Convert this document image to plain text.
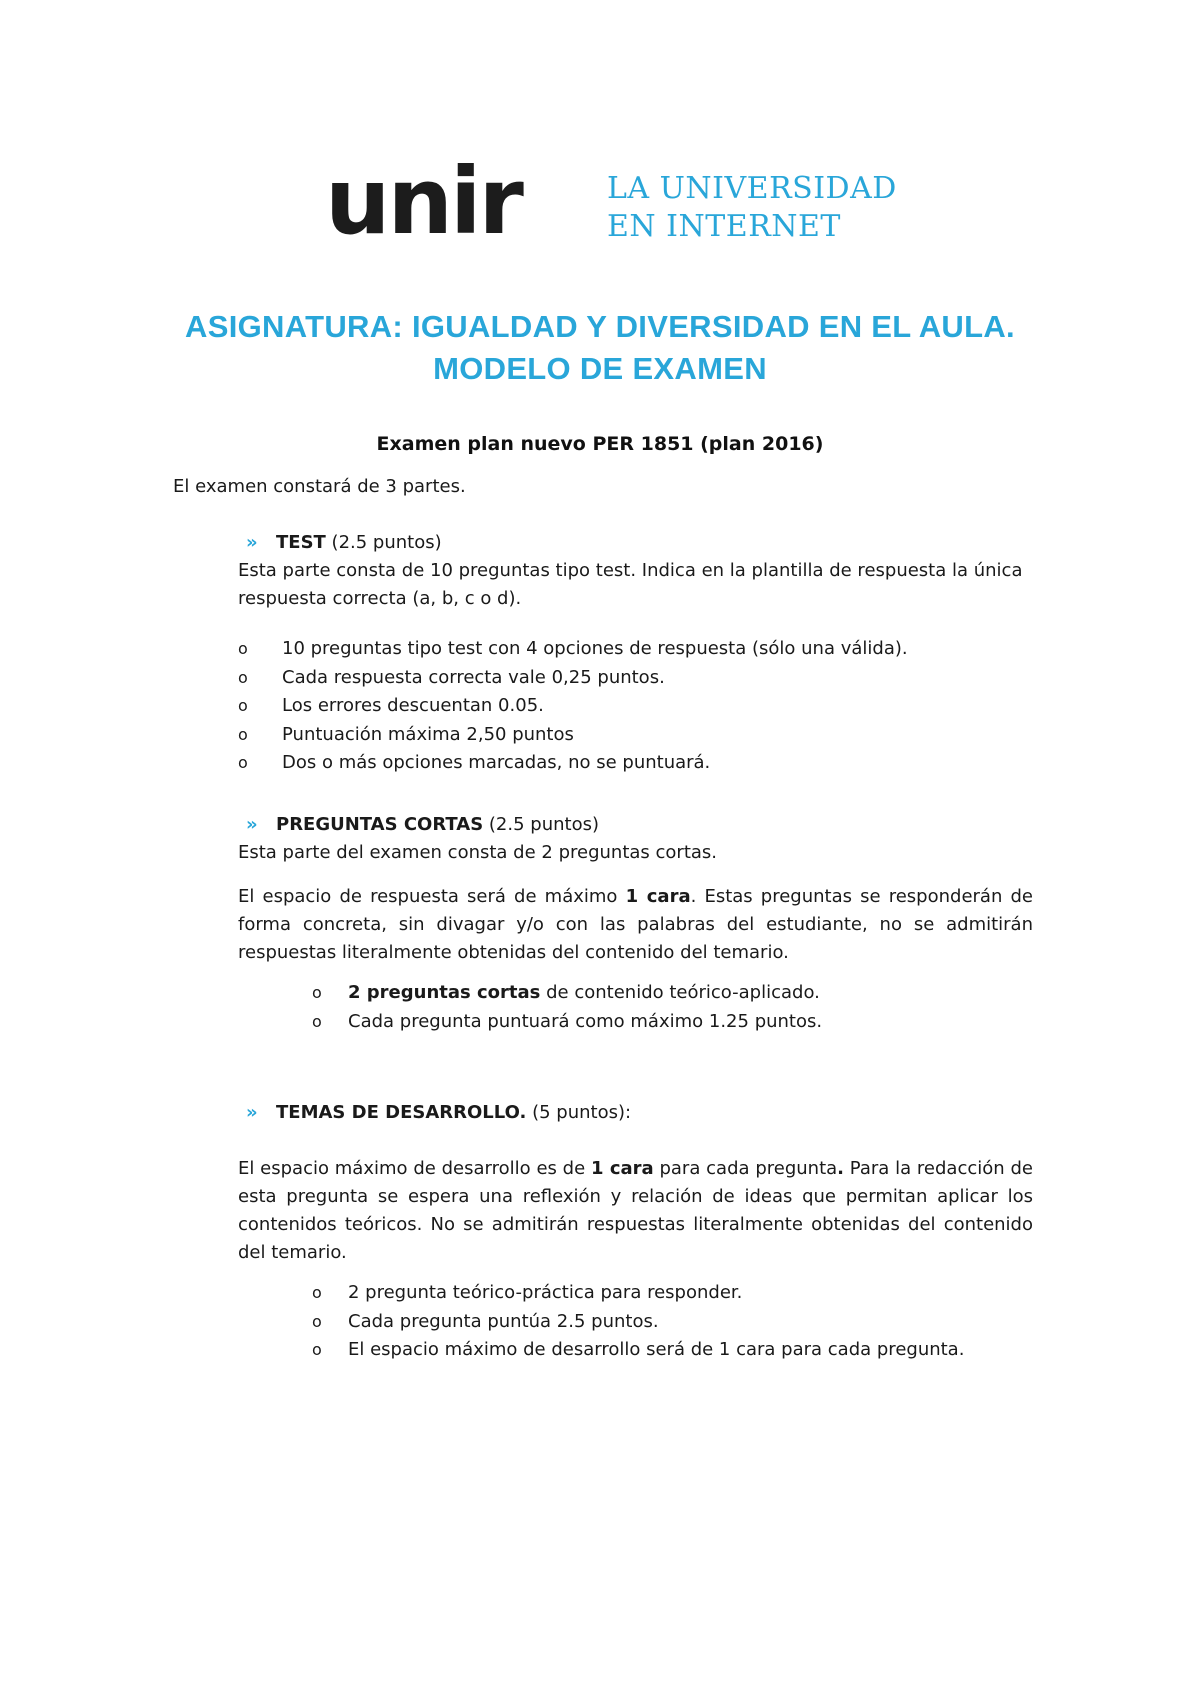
unir	LA UNIVERSIDAD
EN INTERNET
ASIGNATURA: IGUALDAD Y DIVERSIDAD EN EL AULA.
MODELO DE EXAMEN
Examen plan nuevo PER 1851 (plan 2016)
El examen constará de 3 partes.
» TEST (2.5 puntos)

Esta parte consta de 10 preguntas tipo test. Indica en la plantilla de respuesta la única respuesta correcta (a, b, c o d).

o 10 preguntas tipo test con 4 opciones de respuesta (sólo una válida).
o Cada respuesta correcta vale 0,25 puntos.
o Los errores descuentan 0.05.
o Puntuación máxima 2,50 puntos
o Dos o más opciones marcadas, no se puntuará.
» PREGUNTAS CORTAS (2.5 puntos)

Esta parte del examen consta de 2 preguntas cortas.

El espacio de respuesta será de máximo 1 cara. Estas preguntas se responderán de forma concreta, sin divagar y/o con las palabras del estudiante, no se admitirán respuestas literalmente obtenidas del contenido del temario.

o 2 preguntas cortas de contenido teórico-aplicado.
o Cada pregunta puntuará como máximo 1.25 puntos.
» TEMAS DE DESARROLLO. (5 puntos):

El espacio máximo de desarrollo es de 1 cara para cada pregunta. Para la redacción de esta pregunta se espera una reflexión y relación de ideas que permitan aplicar los contenidos teóricos. No se admitirán respuestas literalmente obtenidas del contenido del temario.

o 2 pregunta teórico-práctica para responder.
o Cada pregunta puntúa 2.5 puntos.
o El espacio máximo de desarrollo será de 1 cara para cada pregunta.
